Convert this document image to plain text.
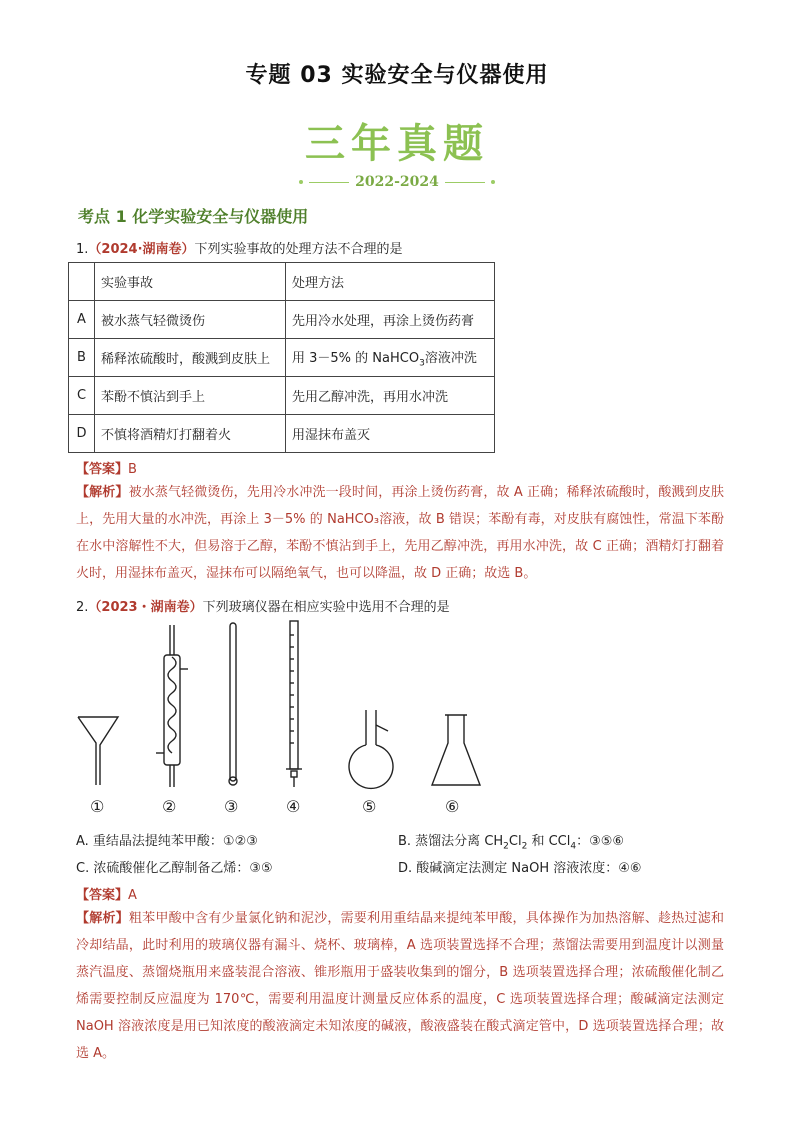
专题 03 实验安全与仪器使用
三年真题
2022-2024
考点 1 化学实验安全与仪器使用
1.（2024·湖南卷）下列实验事故的处理方法不合理的是
	实验事故	处理方法
A	被水蒸气轻微烫伤	先用冷水处理，再涂上烫伤药膏
B	稀释浓硫酸时，酸溅到皮肤上	用 3－5% 的 NaHCO$_3$溶液冲洗
C	苯酚不慎沾到手上	先用乙醇冲洗，再用水冲洗
D	不慎将酒精灯打翻着火	用湿抹布盖灭
【答案】B
【解析】被水蒸气轻微烫伤，先用冷水冲洗一段时间，再涂上烫伤药膏，故 A 正确；稀释浓硫酸时，酸溅到皮肤上，先用大量的水冲洗，再涂上 3－5% 的 NaHCO₃溶液，故 B 错误；苯酚有毒，对皮肤有腐蚀性，常温下苯酚在水中溶解性不大，但易溶于乙醇，苯酚不慎沾到手上，先用乙醇冲洗，再用水冲洗，故 C 正确；酒精灯打翻着火时，用湿抹布盖灭，湿抹布可以隔绝氧气，也可以降温，故 D 正确；故选 B。
2.（2023・湖南卷）下列玻璃仪器在相应实验中选用不合理的是
①	②	③	④	⑤	⑥
A. 重结晶法提纯苯甲酸：①②③	B. 蒸馏法分离 $CH_2Cl_2$ 和 CCl$_4$：③⑤⑥
C. 浓硫酸催化乙醇制备乙烯：③⑤	D. 酸碱滴定法测定 NaOH 溶液浓度：④⑥
【答案】A
【解析】粗苯甲酸中含有少量氯化钠和泥沙，需要利用重结晶来提纯苯甲酸，具体操作为加热溶解、趁热过滤和冷却结晶，此时利用的玻璃仪器有漏斗、烧杯、玻璃棒，A 选项装置选择不合理；蒸馏法需要用到温度计以测量蒸汽温度、蒸馏烧瓶用来盛装混合溶液、锥形瓶用于盛装收集到的馏分，B 选项装置选择合理；浓硫酸催化制乙烯需要控制反应温度为 170℃，需要利用温度计测量反应体系的温度，C 选项装置选择合理；酸碱滴定法测定 NaOH 溶液浓度是用已知浓度的酸液滴定未知浓度的碱液，酸液盛装在酸式滴定管中，D 选项装置选择合理；故选 A。
